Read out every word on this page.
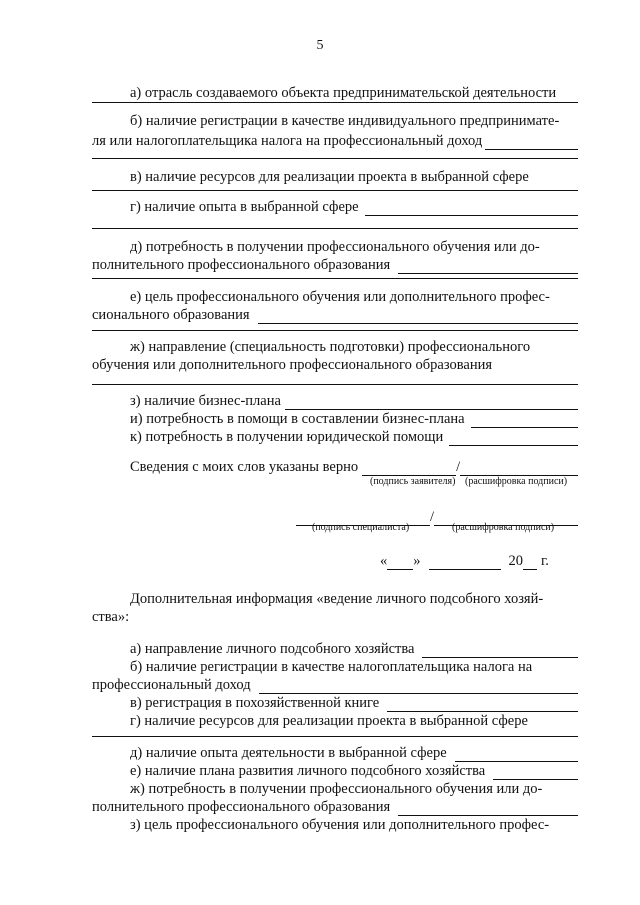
5
а) отрасль создаваемого объекта предпринимательской деятельности
б) наличие регистрации в качестве индивидуального предпринимате-
ля или налогоплательщика налога на профессиональный доход
в) наличие ресурсов для реализации проекта в выбранной сфере
г) наличие опыта в выбранной сфере
д) потребность в получении профессионального обучения или до-
полнительного профессионального образования
е) цель профессионального обучения или дополнительного профес-
сионального образования
ж) направление (специальность подготовки) профессионального
обучения или дополнительного профессионального образования
з) наличие бизнес-плана
и) потребность в помощи в составлении бизнес-плана
к) потребность в получении юридической помощи
Сведения с моих слов указаны верно	/
(подпись заявителя) (расшифровка подписи)
/
(подпись специалиста)	(расшифровка подписи)
« »	20 г.
Дополнительная информация «ведение личного подсобного хозяй-
ства»:
а) направление личного подсобного хозяйства
б) наличие регистрации в качестве налогоплательщика налога на
профессиональный доход
в) регистрация в похозяйственной книге
г) наличие ресурсов для реализации проекта в выбранной сфере
д) наличие опыта деятельности в выбранной сфере
е) наличие плана развития личного подсобного хозяйства
ж) потребность в получении профессионального обучения или до-
полнительного профессионального образования
з) цель профессионального обучения или дополнительного профес-
